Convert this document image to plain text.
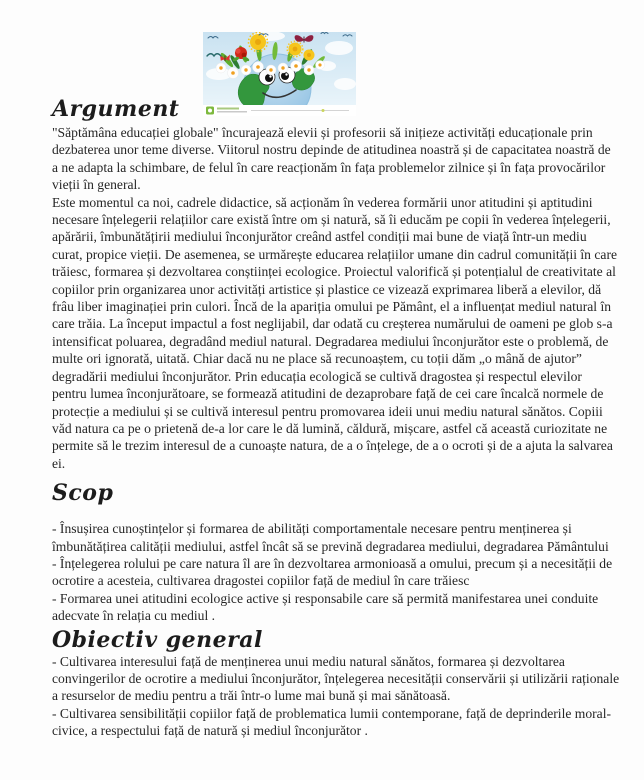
Argument

"Săptămâna educației globale" încurajează elevii și profesorii să inițieze activități educaționale prin dezbaterea unor teme diverse. Viitorul nostru depinde de atitudinea noastră și de capacitatea noastră de a ne adapta la schimbare, de felul în care reacționăm în fața problemelor zilnice și în fața provocărilor vieții în general.

Este momentul ca noi, cadrele didactice, să acționăm în vederea formării unor atitudini și aptitudini necesare înțelegerii relațiilor care există între om și natură, să îi educăm pe copii în vederea înțelegerii, apărării, îmbunătățirii mediului înconjurător creând astfel condiții mai bune de viață într-un mediu curat, propice vieții. De asemenea, se urmărește educarea relațiilor umane din cadrul comunității în care trăiesc, formarea și dezvoltarea conștiinței ecologice. Proiectul valorifică și potențialul de creativitate al copiilor prin organizarea unor activități artistice și plastice ce vizează exprimarea liberă a elevilor, dă frâu liber imaginației prin culori. Încă de la apariția omului pe Pământ, el a influențat mediul natural în care trăia. La început impactul a fost neglijabil, dar odată cu creșterea numărului de oameni pe glob s-a intensificat poluarea, degradând mediul natural. Degradarea mediului înconjurător este o problemă, de multe ori ignorată, uitată. Chiar dacă nu ne place să recunoaștem, cu toții dăm „o mână de ajutor” degradării mediului înconjurător. Prin educația ecologică se cultivă dragostea și respectul elevilor pentru lumea înconjurătoare, se formează atitudini de dezaprobare față de cei care încalcă normele de protecție a mediului și se cultivă interesul pentru promovarea ideii unui mediu natural sănătos. Copiii văd natura ca pe o prietenă de-a lor care le dă lumină, căldură, mișcare, astfel că această curiozitate ne permite să le trezim interesul de a cunoaște natura, de a o înțelege, de a o ocroti și de a ajuta la salvarea ei.

Scop

- Însușirea cunoștințelor și formarea de abilități comportamentale necesare pentru menținerea și îmbunătățirea calității mediului, astfel încât să se prevină degradarea mediului, degradarea Pământului

- Înțelegerea rolului pe care natura îl are în dezvoltarea armonioasă a omului, precum și a necesității de ocrotire a acesteia, cultivarea dragostei copiilor față de mediul în care trăiesc

- Formarea unei atitudini ecologice active și responsabile care să permită manifestarea unei conduite adecvate în relația cu mediul .

Obiectiv general

- Cultivarea interesului față de menținerea unui mediu natural sănătos, formarea și dezvoltarea convingerilor de ocrotire a mediului înconjurător, înțelegerea necesității conservării și utilizării raționale a resurselor de mediu pentru a trăi într-o lume mai bună și mai sănătoasă.

- Cultivarea sensibilității copiilor față de problematica lumii contemporane, față de deprinderile moral-civice, a respectului față de natură și mediul înconjurător .
